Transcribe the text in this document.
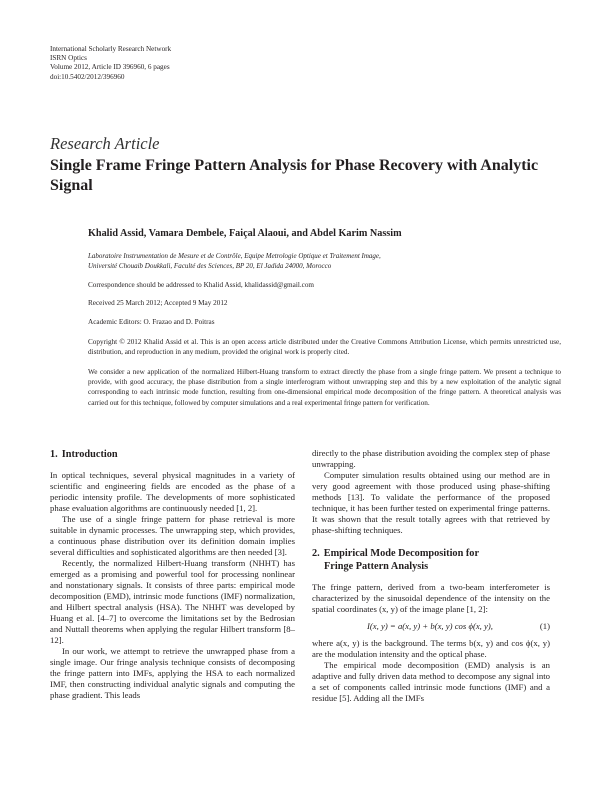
International Scholarly Research Network
ISRN Optics
Volume 2012, Article ID 396960, 6 pages
doi:10.5402/2012/396960
Research Article
Single Frame Fringe Pattern Analysis for Phase Recovery with Analytic Signal
Khalid Assid, Vamara Dembele, Faiçal Alaoui, and Abdel Karim Nassim
Laboratoire Instrumentation de Mesure et de Contrôle, Equipe Metrologie Optique et Traitement Image,
Université Chouaib Doukkali, Faculté des Sciences, BP 20, El Jadida 24000, Morocco
Correspondence should be addressed to Khalid Assid, khalidassid@gmail.com
Received 25 March 2012; Accepted 9 May 2012
Academic Editors: O. Frazao and D. Poitras
Copyright © 2012 Khalid Assid et al. This is an open access article distributed under the Creative Commons Attribution License, which permits unrestricted use, distribution, and reproduction in any medium, provided the original work is properly cited.
We consider a new application of the normalized Hilbert-Huang transform to extract directly the phase from a single fringe pattern. We present a technique to provide, with good accuracy, the phase distribution from a single interferogram without unwrapping step and this by a new exploitation of the analytic signal corresponding to each intrinsic mode function, resulting from one-dimensional empirical mode decomposition of the fringe pattern. A theoretical analysis was carried out for this technique, followed by computer simulations and a real experimental fringe pattern for verification.
1. Introduction

In optical techniques, several physical magnitudes in a variety of scientific and engineering fields are encoded as the phase of a periodic intensity profile. The developments of more sophisticated phase evaluation algorithms are continuously needed [1, 2].

The use of a single fringe pattern for phase retrieval is more suitable in dynamic processes. The unwrapping step, which provides, a continuous phase distribution over its definition domain implies several difficulties and sophisticated algorithms are then needed [3].

Recently, the normalized Hilbert-Huang transform (NHHT) has emerged as a promising and powerful tool for processing nonlinear and nonstationary signals. It consists of three parts: empirical mode decomposition (EMD), intrinsic mode functions (IMF) normalization, and Hilbert spectral analysis (HSA). The NHHT was developed by Huang et al. [4–7] to overcome the limitations set by the Bedrosian and Nuttall theorems when applying the regular Hilbert transform [8–12].

In our work, we attempt to retrieve the unwrapped phase from a single image. Our fringe analysis technique consists of decomposing the fringe pattern into IMFs, applying the HSA to each normalized IMF, then constructing individual analytic signals and computing the phase gradient. This leads

directly to the phase distribution avoiding the complex step of phase unwrapping.

Computer simulation results obtained using our method are in very good agreement with those produced using phase-shifting methods [13]. To validate the performance of the proposed technique, it has been further tested on experimental fringe patterns. It was shown that the result totally agrees with that retrieved by phase-shifting techniques.

2. Empirical Mode Decomposition for
Fringe Pattern Analysis

The fringe pattern, derived from a two-beam interferometer is characterized by the sinusoidal dependence of the intensity on the spatial coordinates (x, y) of the image plane [1, 2]:

I(x, y) = a(x, y) + b(x, y) cos ϕ(x, y),	(1)

where a(x, y) is the background. The terms b(x, y) and cos ϕ(x, y) are the modulation intensity and the optical phase.

The empirical mode decomposition (EMD) analysis is an adaptive and fully driven data method to decompose any signal into a set of components called intrinsic mode functions (IMF) and a residue [5]. Adding all the IMFs
